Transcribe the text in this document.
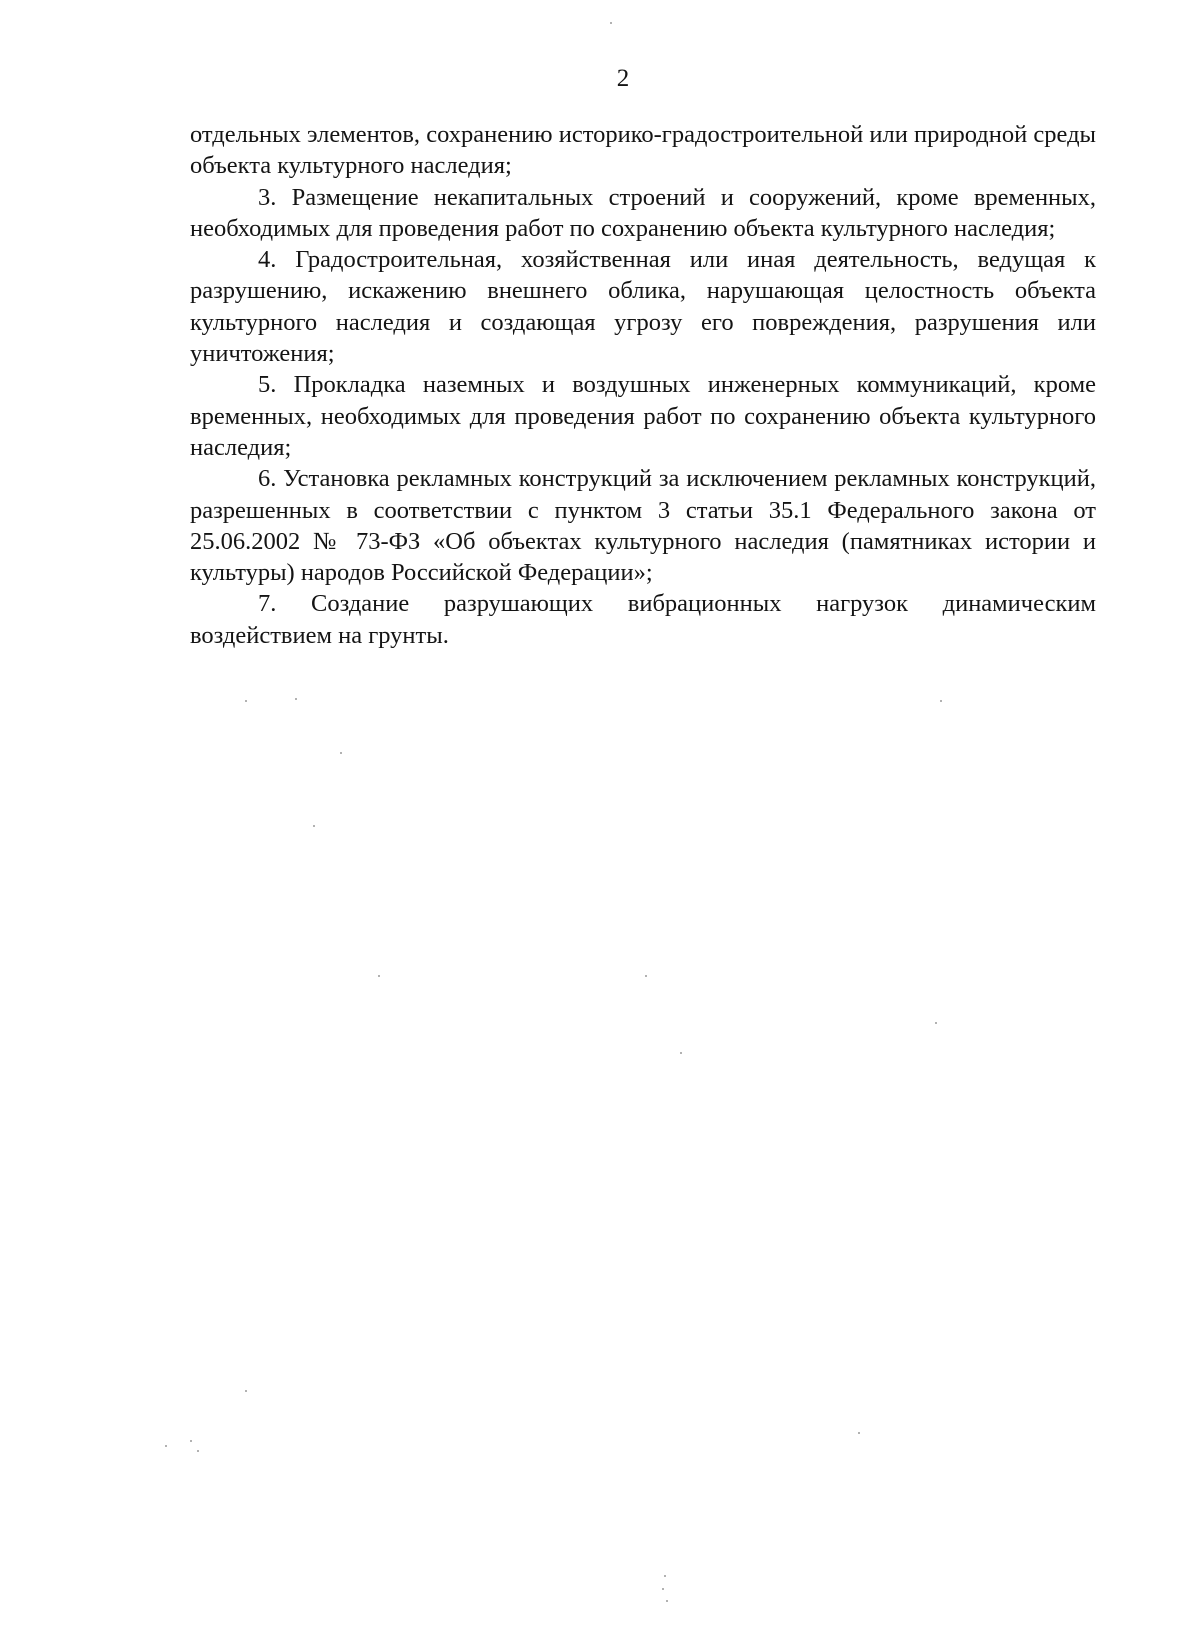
2

отдельных элементов, сохранению историко-градостроительной или природной среды объекта культурного наследия;

3. Размещение некапитальных строений и сооружений, кроме временных, необходимых для проведения работ по сохранению объекта культурного наследия;

4. Градостроительная, хозяйственная или иная деятельность, ведущая к разрушению, искажению внешнего облика, нарушающая целостность объекта культурного наследия и создающая угрозу его повреждения, разрушения или уничтожения;

5. Прокладка наземных и воздушных инженерных коммуникаций, кроме временных, необходимых для проведения работ по сохранению объекта культурного наследия;

6. Установка рекламных конструкций за исключением рекламных конструкций, разрешенных в соответствии с пунктом 3 статьи 35.1 Федерального закона от 25.06.2002 № 73-ФЗ «Об объектах культурного наследия (памятниках истории и культуры) народов Российской Федерации»;

7. Создание разрушающих вибрационных нагрузок динамическим воздействием на грунты.
